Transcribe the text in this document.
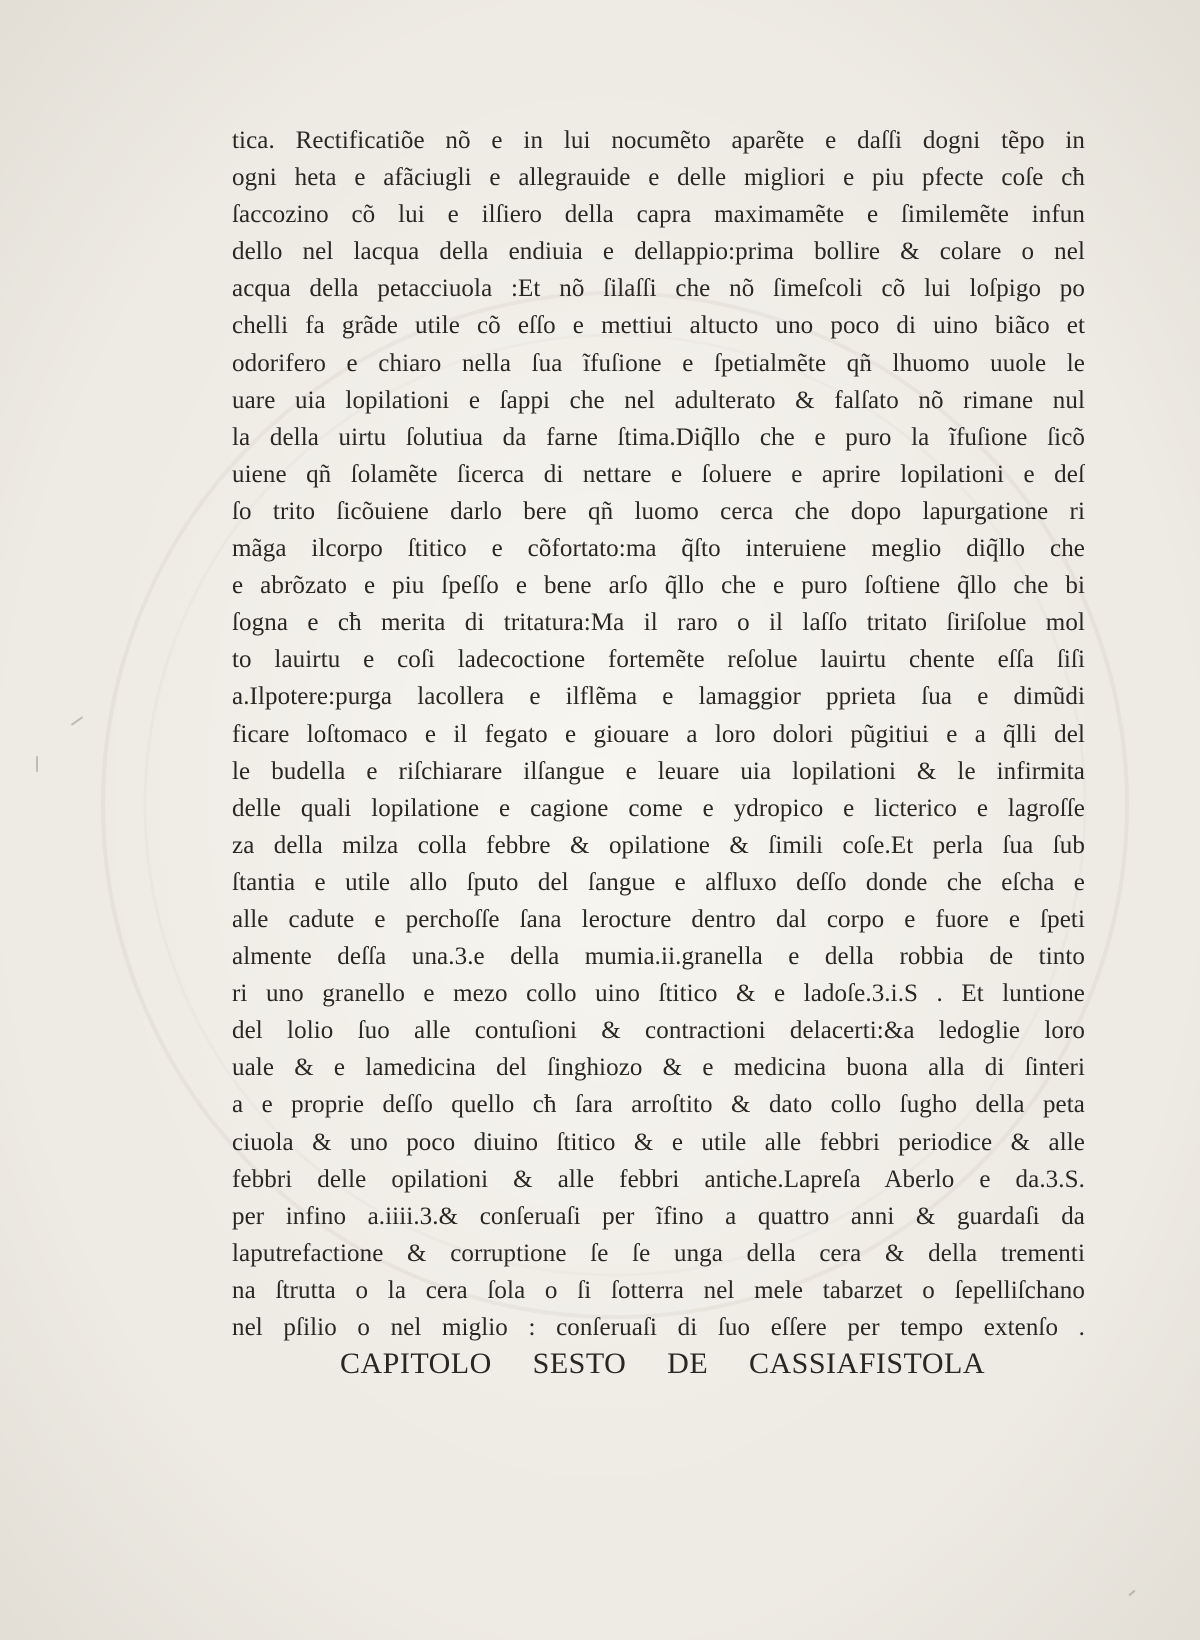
tica. Rectificatiõe nõ e in lui nocumẽto aparẽte e daſſi dogni tẽpo in
ogni heta e afãciugli e allegrauide e delle migliori e piu pfecte coſe cħ
ſaccozino cõ lui e ilſiero della capra maximamẽte e ſimilemẽte infun
dello nel lacqua della endiuia e dellappio:prima bollire & colare o nel
acqua della petacciuola :Et nõ ſilaſſi che nõ ſimeſcoli cõ lui loſpigo po
chelli fa grãde utile cõ eſſo e mettiui altucto uno poco di uino biãco et
odorifero e chiaro nella ſua ĩfuſione e ſpetialmẽte qñ lhuomo uuole le
uare uia lopilationi e ſappi che nel adulterato & falſato nõ rimane nul
la della uirtu ſolutiua da farne ſtima.Diq̃llo che e puro la ĩfuſione ſicõ
uiene qñ ſolamẽte ſicerca di nettare e ſoluere e aprire lopilationi e deſ
ſo trito ſicõuiene darlo bere qñ luomo cerca che dopo lapurgatione ri
mãga ilcorpo ſtitico e cõfortato:ma q̃ſto interuiene meglio diq̃llo che
e abrõzato e piu ſpeſſo e bene arſo q̃llo che e puro ſoſtiene q̃llo che bi
ſogna e cħ merita di tritatura:Ma il raro o il laſſo tritato ſiriſolue mol
to lauirtu e coſi ladecoctione fortemẽte reſolue lauirtu chente eſſa ſiſi
a.Ilpotere:purga lacollera e ilflẽma e lamaggior pprieta ſua e dimũdi
ficare loſtomaco e il fegato e giouare a loro dolori pũgitiui e a q̃lli del
le budella e riſchiarare ilſangue e leuare uia lopilationi & le infirmita
delle quali lopilatione e cagione come e ydropico e licterico e lagroſſe
za della milza colla febbre & opilatione & ſimili coſe.Et perla ſua ſub
ſtantia e utile allo ſputo del ſangue e alfluxo deſſo donde che eſcha e
alle cadute e perchoſſe ſana lerocture dentro dal corpo e fuore e ſpeti
almente deſſa una.3.e della mumia.ii.granella e della robbia de tinto
ri uno granello e mezo collo uino ſtitico & e ladoſe.3.i.S . Et luntione
del lolio ſuo alle contuſioni & contractioni delacerti:&a ledoglie loro
uale & e lamedicina del ſinghiozo & e medicina buona alla di ſinteri
a e proprie deſſo quello cħ ſara arroſtito & dato collo ſugho della peta
ciuola & uno poco diuino ſtitico & e utile alle febbri periodice & alle
febbri delle opilationi & alle febbri antiche.Lapreſa Aberlo e da.3.S.
per infino a.iiii.3.& conſeruaſi per ĩfino a quattro anni & guardaſi da
laputrefactione & corruptione ſe ſe unga della cera & della trementi
na ſtrutta o la cera ſola o ſi ſotterra nel mele tabarzet o ſepelliſchano
nel pſilio o nel miglio : conſeruaſi di ſuo eſſere per tempo extenſo .
CAPITOLO SESTO DE CASSIAFISTOLA
